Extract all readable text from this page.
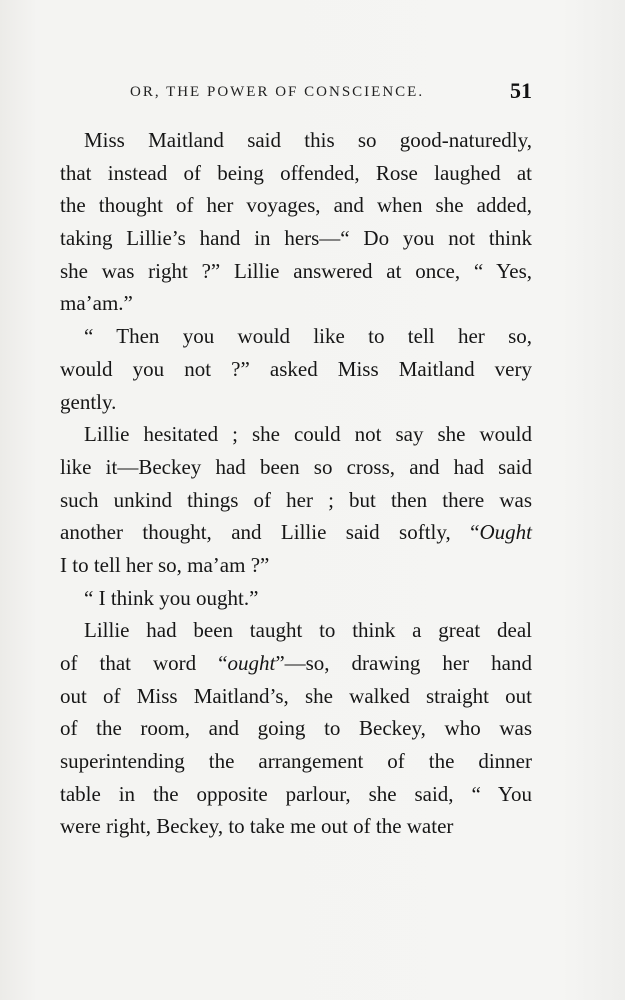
OR, THE POWER OF CONSCIENCE.	51
Miss Maitland said this so good-naturedly,
that instead of being offended, Rose laughed at
the thought of her voyages, and when she added,
taking Lillie’s hand in hers—“ Do you not think
she was right ?” Lillie answered at once, “ Yes,
ma’am.”
“ Then you would like to tell her so,
would you not ?” asked Miss Maitland very
gently.
Lillie hesitated ; she could not say she would
like it—Beckey had been so cross, and had said
such unkind things of her ; but then there was
another thought, and Lillie said softly, “Ought
I to tell her so, ma’am ?”
“ I think you ought.”
Lillie had been taught to think a great deal
of that word “ought”—so, drawing her hand
out of Miss Maitland’s, she walked straight out
of the room, and going to Beckey, who was
superintending the arrangement of the dinner
table in the opposite parlour, she said, “ You
were right, Beckey, to take me out of the water
